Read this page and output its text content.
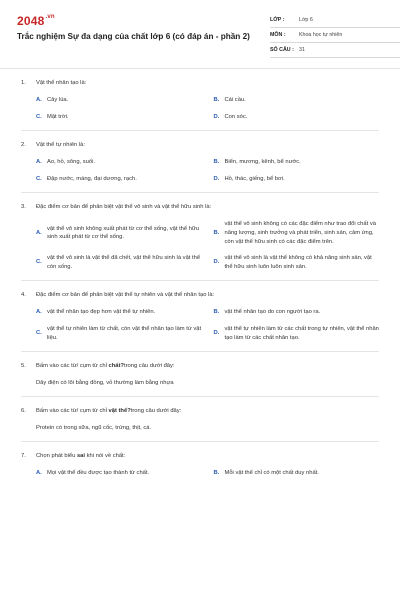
$2048^{.vn}$
Trắc nghiệm Sự đa dạng của chất lớp 6 (có đáp án - phần 2)
LỚP :	Lớp 6
MÔN :	Khoa học tự nhiên
SỐ CÂU : 31
1.	Vật thể nhân tạo là:
A. Cây lúa.	B. Cái cầu.
C. Mặt trời.	D. Con sóc.
2.	Vật thể tự nhiên là:
A. Ao, hồ, sông, suối.	B. Biển, mương, kênh, bể nước.
C. Đập nước, máng, đại dương, rạch.	D. Hồ, thác, giếng, bể bơi.
3.	Đặc điểm cơ bản để phân biệt vật thể vô sinh và vật thể hữu sinh là:
A.
vật thể vô sinh không xuất phát từ cơ thể sống, vật thể hữu sinh xuất phát từ cơ thể sống.
B.
vật thể vô sinh không có các đặc điểm như trao đổi chất và năng lượng, sinh trưởng và phát triển, sinh sản, cảm ứng, còn vật thể hữu sinh có các đặc điểm trên.
C.
vật thể vô sinh là vật thể đã chết, vật thể hữu sinh là vật thể còn sống.
D.
vật thể vô sinh là vật thể không có khả năng sinh sản, vật thể hữu sinh luôn luôn sinh sản.
4.	Đặc điểm cơ bản để phân biệt vật thể tự nhiên và vật thể nhân tạo là:
A. vật thể nhân tạo đẹp hơn vật thể tự nhiên.	B. vật thể nhân tạo do con người tạo ra.
C.
vật thể tự nhiên làm từ chất, còn vật thể nhân tạo làm từ vật liệu.
D.
vật thể tự nhiên làm từ các chất trong tự nhiên, vật thể nhân tạo làm từ các chất nhân tạo.
5.	Bấm vào các từ/ cụm từ chỉ chất?trong câu dưới đây:
Dây điện có lõi bằng đồng, vỏ thường làm bằng nhựa
6.	Bấm vào các từ/ cụm từ chỉ vật thể?trong câu dưới đây:
Protein có trong sữa, ngũ cốc, trứng, thịt, cá.
7.	Chọn phát biểu sai khi nói về chất:
A. Mọi vật thể đều được tạo thành từ chất.	B. Mỗi vật thể chỉ có một chất duy nhất.
